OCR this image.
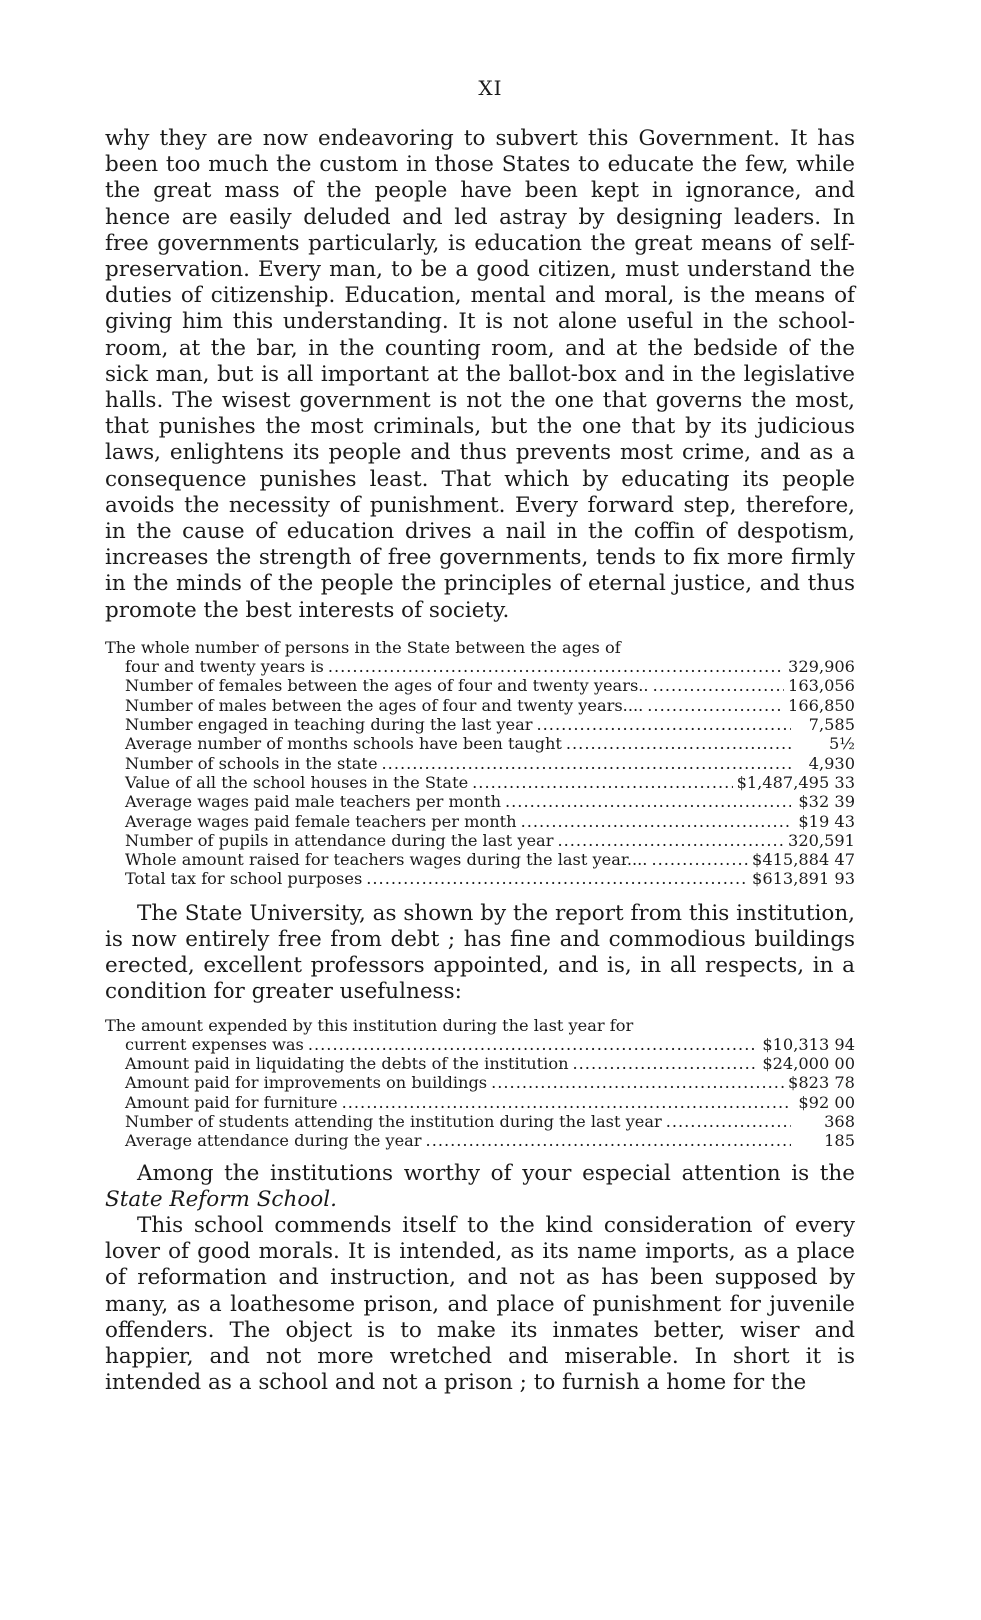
XI

why they are now endeavoring to subvert this Government. It has been too much the custom in those States to educate the few, while the great mass of the people have been kept in ignorance, and hence are easily deluded and led astray by designing leaders. In free governments particularly, is education the great means of self-preservation. Every man, to be a good citizen, must understand the duties of citizenship. Education, mental and moral, is the means of giving him this understanding. It is not alone useful in the school-room, at the bar, in the counting room, and at the bedside of the sick man, but is all important at the ballot-box and in the legislative halls. The wisest government is not the one that governs the most, that punishes the most criminals, but the one that by its judicious laws, enlightens its people and thus prevents most crime, and as a consequence punishes least. That which by educating its people avoids the necessity of punishment. Every forward step, therefore, in the cause of education drives a nail in the coffin of despotism, increases the strength of free governments, tends to fix more firmly in the minds of the people the principles of eternal justice, and thus promote the best interests of society.

The whole number of persons in the State between the ages of
four and twenty years is .....	329,906
Number of females between the ages of four and twenty years.. .....	163,056
Number of males between the ages of four and twenty years.... .....	166,850
Number engaged in teaching during the last year .....	7,585
Average number of months schools have been taught .....	5½
Number of schools in the state .....	4,930
Value of all the school houses in the State .....	$1,487,495 33
Average wages paid male teachers per month .....	$32 39
Average wages paid female teachers per month .....	$19 43
Number of pupils in attendance during the last year .....	320,591
Whole amount raised for teachers wages during the last year.... .....	$415,884 47
Total tax for school purposes .....	$613,891 93

The State University, as shown by the report from this institution, is now entirely free from debt ; has fine and commodious buildings erected, excellent professors appointed, and is, in all respects, in a condition for greater usefulness:

The amount expended by this institution during the last year for
current expenses was .....	$10,313 94
Amount paid in liquidating the debts of the institution .....	$24,000 00
Amount paid for improvements on buildings .....	$823 78
Amount paid for furniture .....	$92 00
Number of students attending the institution during the last year .....	368
Average attendance during the year .....	185

Among the institutions worthy of your especial attention is the State Reform School.

This school commends itself to the kind consideration of every lover of good morals. It is intended, as its name imports, as a place of reformation and instruction, and not as has been supposed by many, as a loathesome prison, and place of punishment for juvenile offenders. The object is to make its inmates better, wiser and happier, and not more wretched and miserable. In short it is intended as a school and not a prison ; to furnish a home for the
